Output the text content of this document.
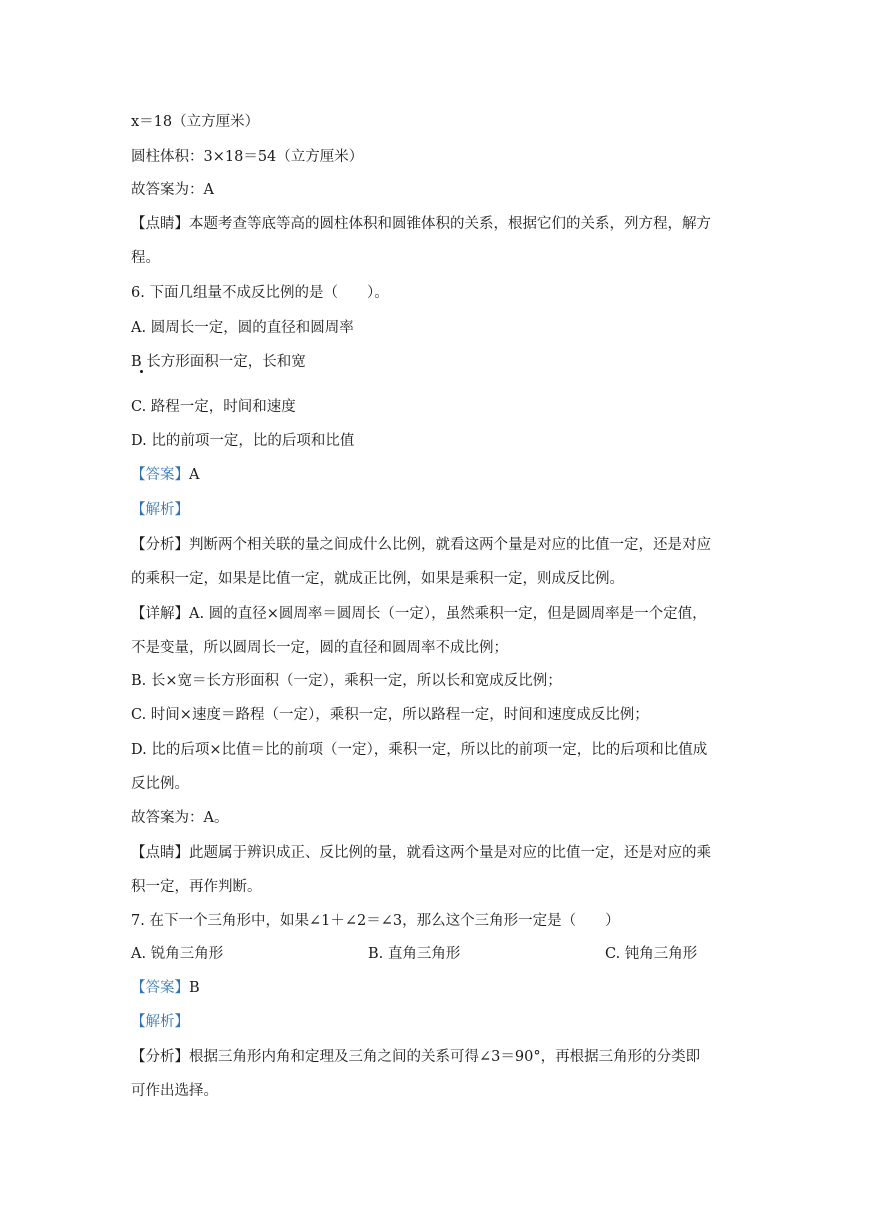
x＝18（立方厘米）
圆柱体积：3×18＝54（立方厘米）
故答案为：A
【点睛】本题考查等底等高的圆柱体积和圆锥体积的关系，根据它们的关系，列方程，解方
程。
6. 下面几组量不成反比例的是（　　）。
A. 圆周长一定，圆的直径和圆周率
B 长方形面积一定，长和宽
C. 路程一定，时间和速度
D. 比的前项一定，比的后项和比值
【答案】A
【解析】
【分析】判断两个相关联的量之间成什么比例，就看这两个量是对应的比值一定，还是对应
的乘积一定，如果是比值一定，就成正比例，如果是乘积一定，则成反比例。
【详解】A. 圆的直径×圆周率＝圆周长（一定），虽然乘积一定，但是圆周率是一个定值，
不是变量，所以圆周长一定，圆的直径和圆周率不成比例；
B. 长×宽＝长方形面积（一定），乘积一定，所以长和宽成反比例；
C. 时间×速度＝路程（一定），乘积一定，所以路程一定，时间和速度成反比例；
D. 比的后项×比值＝比的前项（一定），乘积一定，所以比的前项一定，比的后项和比值成
反比例。
故答案为：A。
【点睛】此题属于辨识成正、反比例的量，就看这两个量是对应的比值一定，还是对应的乘
积一定，再作判断。
7. 在下一个三角形中，如果∠1＋∠2＝∠3，那么这个三角形一定是（　　）
A. 锐角三角形	B. 直角三角形	C. 钝角三角形
【答案】B
【解析】
【分析】根据三角形内角和定理及三角之间的关系可得∠3＝90°，再根据三角形的分类即
可作出选择。
